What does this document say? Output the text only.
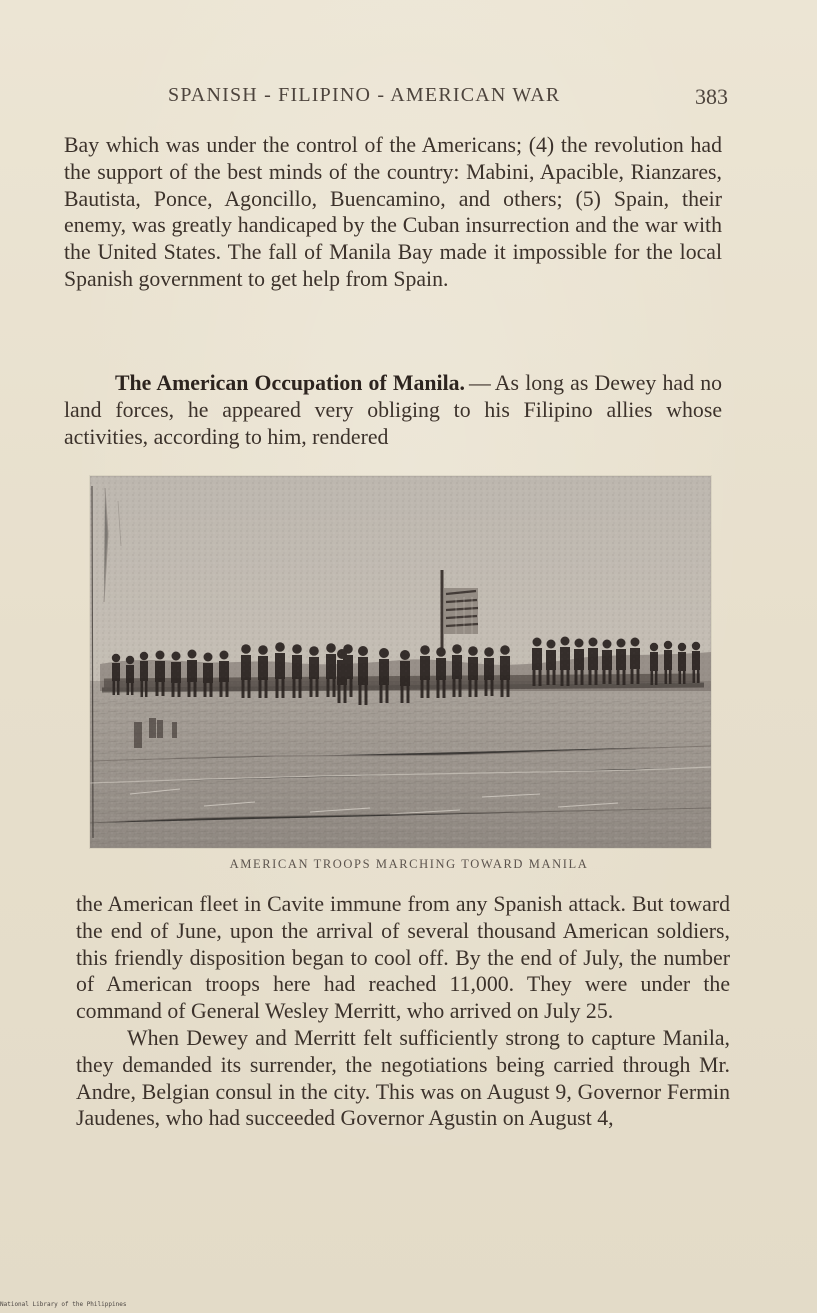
SPANISH - FILIPINO - AMERICAN WAR	383

Bay which was under the control of the Americans; (4) the revolution had the support of the best minds of the country: Mabini, Apacible, Rianzares, Bautista, Ponce, Agoncillo, Buencamino, and others; (5) Spain, their enemy, was greatly handicaped by the Cuban insurrection and the war with the United States. The fall of Manila Bay made it impossible for the local Spanish government to get help from Spain.

The American Occupation of Manila. — As long as Dewey had no land forces, he appeared very obliging to his Filipino allies whose activities, according to him, rendered

AMERICAN TROOPS MARCHING TOWARD MANILA

the American fleet in Cavite immune from any Spanish attack. But toward the end of June, upon the arrival of several thousand American soldiers, this friendly disposition began to cool off. By the end of July, the number of American troops here had reached 11,000. They were under the command of General Wesley Merritt, who arrived on July 25.

When Dewey and Merritt felt sufficiently strong to capture Manila, they demanded its surrender, the negotiations being carried through Mr. Andre, Belgian consul in the city. This was on August 9, Governor Fermin Jaudenes, who had succeeded Governor Agustin on August 4,

National Library of the Philippines
